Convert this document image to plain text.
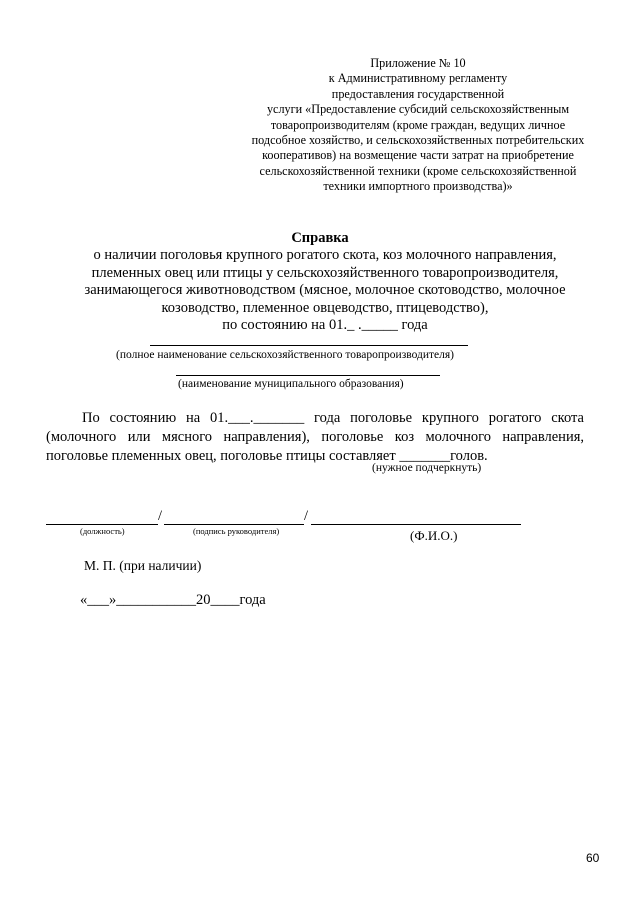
Приложение № 10
к Административному регламенту
предоставления государственной
услуги «Предоставление субсидий сельскохозяйственным
товаропроизводителям (кроме граждан, ведущих личное
подсобное хозяйство, и сельскохозяйственных потребительских
кооперативов) на возмещение части затрат на приобретение
сельскохозяйственной техники (кроме сельскохозяйственной
техники импортного производства)»
Справка
о наличии поголовья крупного рогатого скота, коз молочного направления,
племенных овец или птицы у сельскохозяйственного товаропроизводителя,
занимающегося животноводством (мясное, молочное скотоводство, молочное
козоводство, племенное овцеводство, птицеводство),
по состоянию на 01._ ._____ года
(полное наименование сельскохозяйственного товаропроизводителя)
(наименование муниципального образования)
По состоянию на 01.___._______ года поголовье крупного рогатого скота
(молочного или мясного направления), поголовье коз молочного направления,
поголовье племенных овец, поголовье птицы составляет _______голов.
(нужное подчеркнуть)
/	/
(должность)	(подпись руководителя)	(Ф.И.О.)
М. П. (при наличии)
«___»___________20____года
60
